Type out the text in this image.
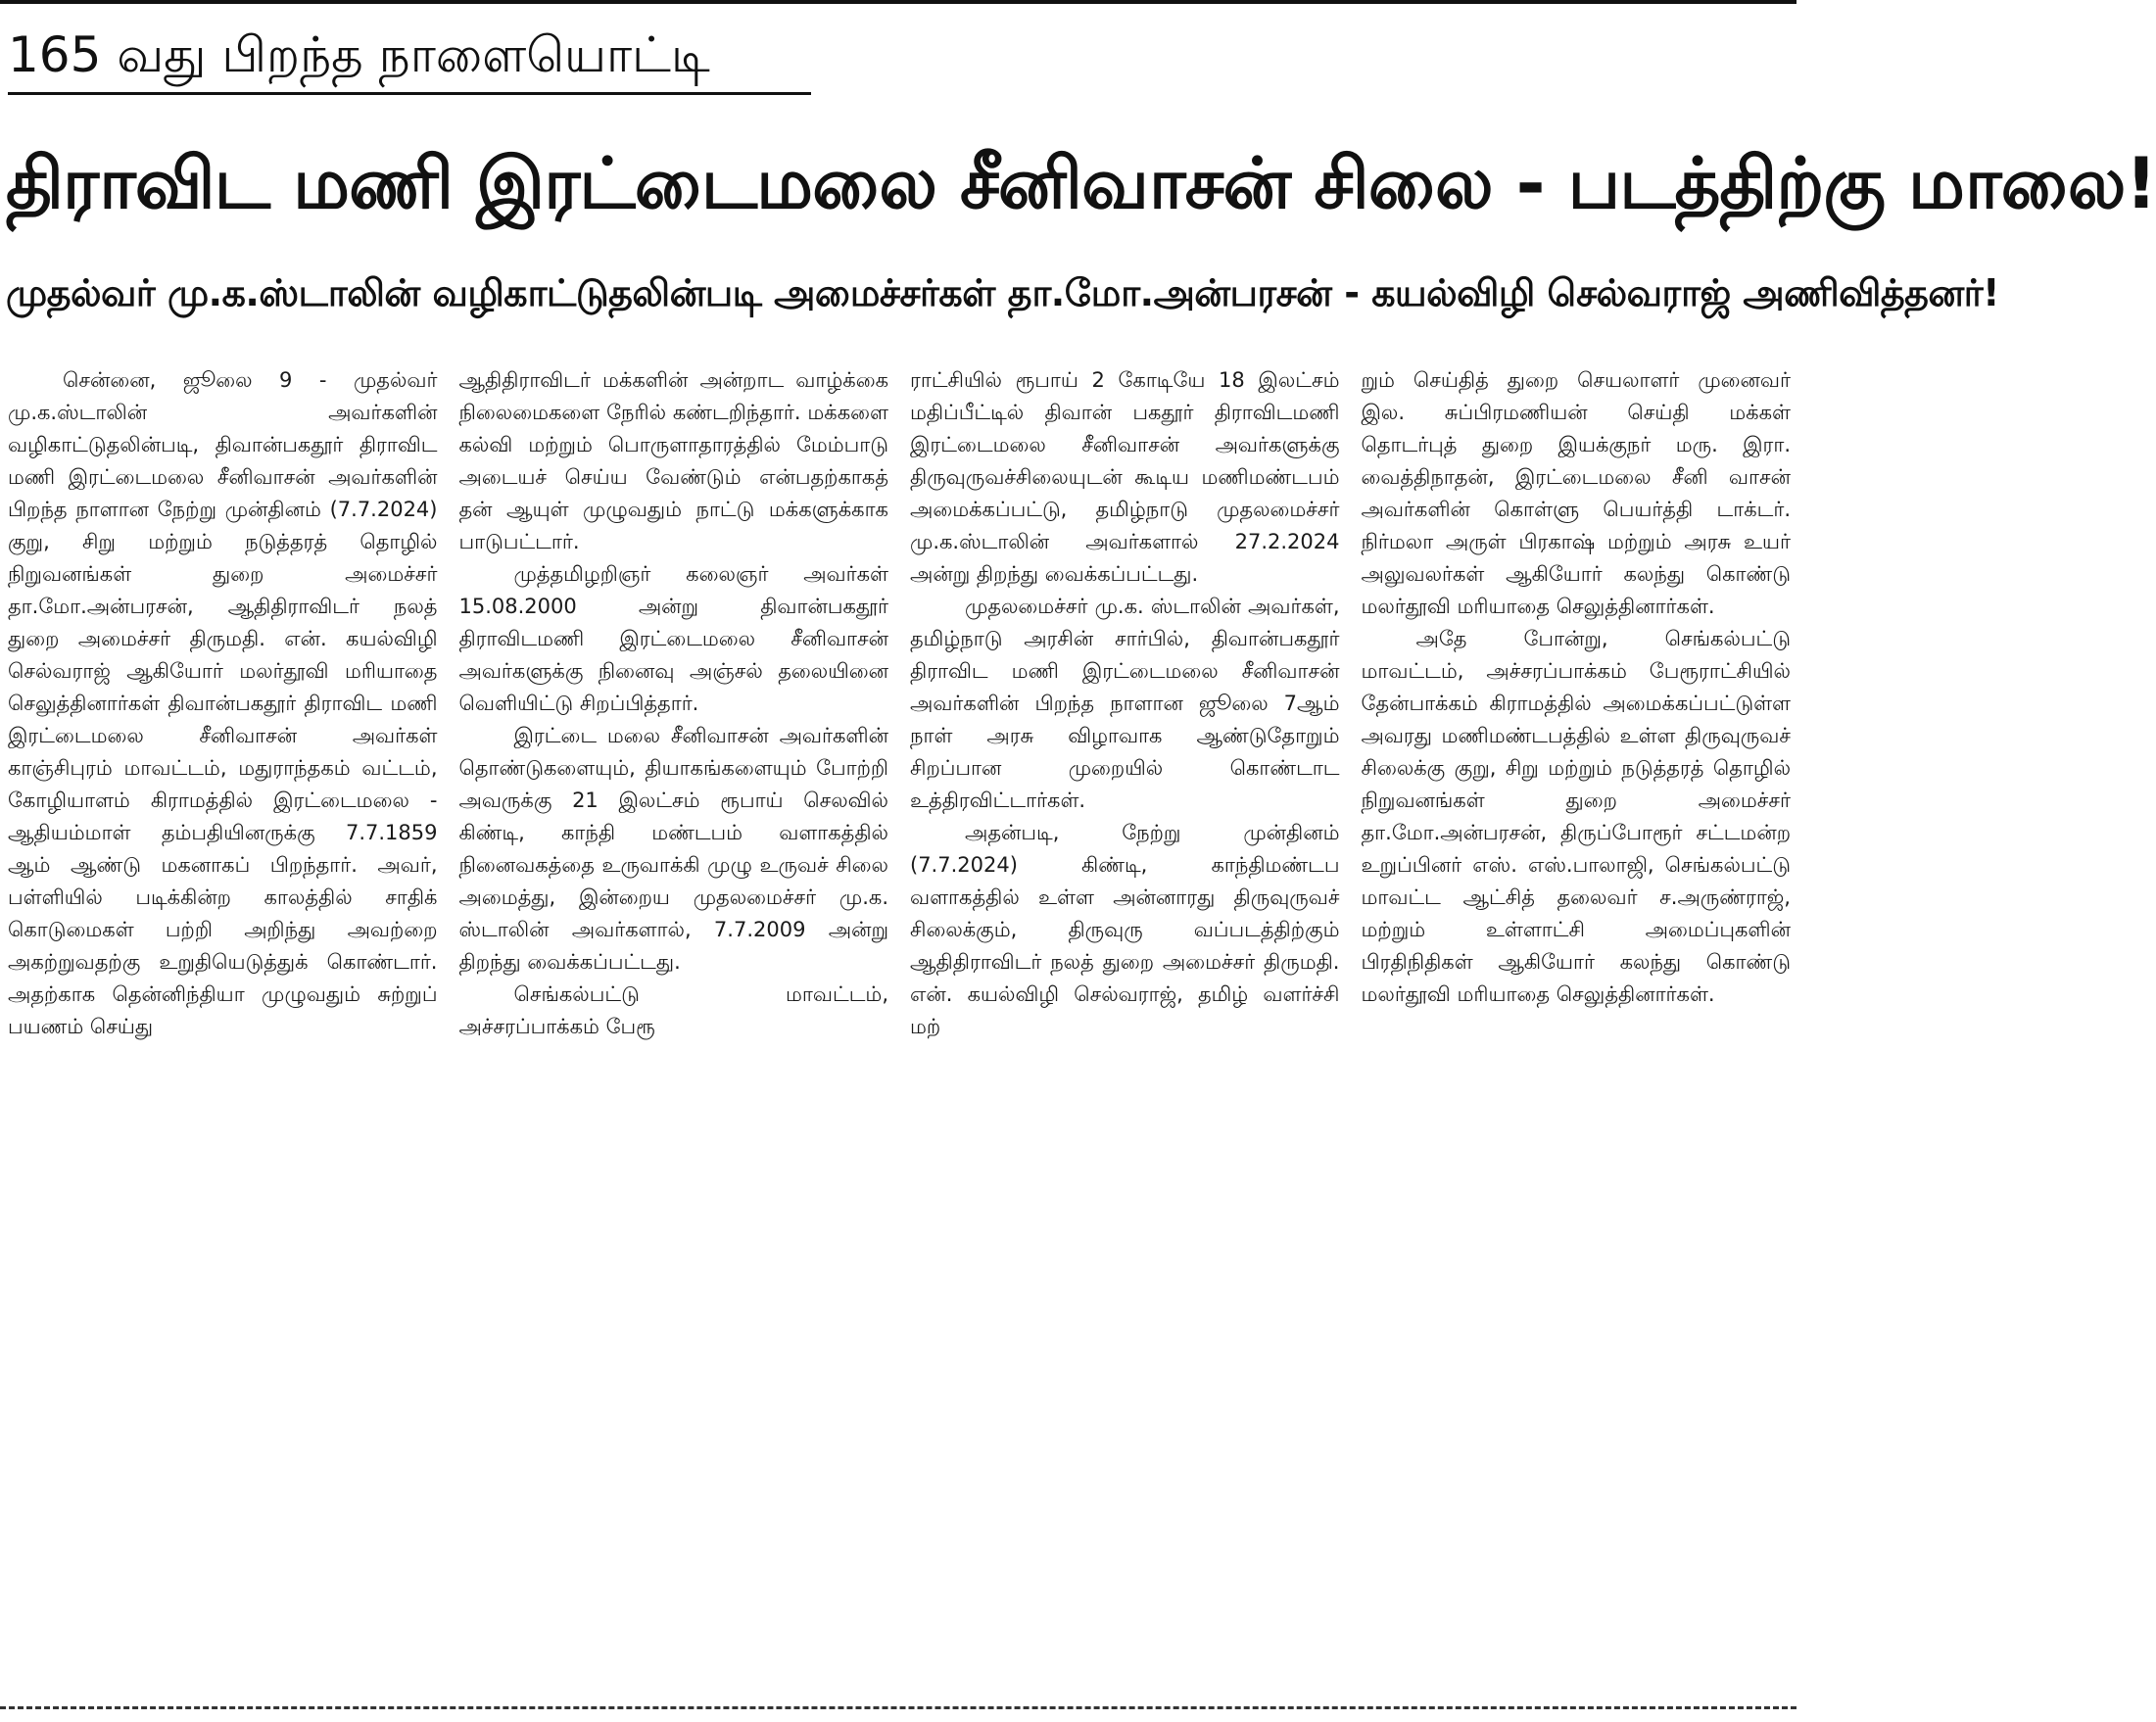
165 வது பிறந்த நாளையொட்டி
திராவிட மணி இரட்டைமலை சீனிவாசன் சிலை - படத்திற்கு மாலை!
முதல்வர் மு.க.ஸ்டாலின் வழிகாட்டுதலின்படி அமைச்சர்கள் தா.மோ.அன்பரசன் - கயல்விழி செல்வராஜ் அணிவித்தனர்!

சென்னை, ஜூலை 9 - முதல்வர் மு.க.ஸ்டாலின் அவர்களின் வழிகாட்டுதலின்படி, திவான்பகதூர் திராவிட மணி இரட்டைமலை சீனிவாசன் அவர்களின் பிறந்த நாளான நேற்று முன்தினம் (7.7.2024) குறு, சிறு மற்றும் நடுத்தரத் தொழில் நிறுவனங்கள் துறை அமைச்சர் தா.மோ.அன்பரசன், ஆதிதிராவிடர் நலத் துறை அமைச்சர் திருமதி. என். கயல்விழி செல்வராஜ் ஆகியோர் மலர்தூவி மரியாதை செலுத்தினார்கள் திவான்பகதூர் திராவிட மணி இரட்டைமலை சீனிவாசன் அவர்கள் காஞ்சிபுரம் மாவட்டம், மதுராந்தகம் வட்டம், கோழியாளம் கிராமத்தில் இரட்டைமலை - ஆதியம்மாள் தம்பதியினருக்கு 7.7.1859 ஆம் ஆண்டு மகனாகப் பிறந்தார். அவர், பள்ளியில் படிக்கின்ற காலத்தில் சாதிக் கொடுமைகள் பற்றி அறிந்து அவற்றை அகற்றுவதற்கு உறுதியெடுத்துக் கொண்டார். அதற்காக தென்னிந்தியா முழுவதும் சுற்றுப் பயணம் செய்து

ஆதிதிராவிடர் மக்களின் அன்றாட வாழ்க்கை நிலைமைகளை நேரில் கண்டறிந்தார். மக்களை கல்வி மற்றும் பொருளாதாரத்தில் மேம்பாடு அடையச் செய்ய வேண்டும் என்பதற்காகத் தன் ஆயுள் முழுவதும் நாட்டு மக்களுக்காக பாடுபட்டார்.

முத்தமிழறிஞர் கலைஞர் அவர்கள் 15.08.2000 அன்று திவான்பகதூர் திராவிடமணி இரட்டைமலை சீனிவாசன் அவர்களுக்கு நினைவு அஞ்சல் தலையினை வெளியிட்டு சிறப்பித்தார்.

இரட்டை மலை சீனிவாசன் அவர்களின் தொண்டுகளையும், தியாகங்களையும் போற்றி அவருக்கு 21 இலட்சம் ரூபாய் செலவில் கிண்டி, காந்தி மண்டபம் வளாகத்தில் நினைவகத்தை உருவாக்கி முழு உருவச் சிலை அமைத்து, இன்றைய முதலமைச்சர் மு.க. ஸ்டாலின் அவர்களால், 7.7.2009 அன்று திறந்து வைக்கப்பட்டது.

செங்கல்பட்டு மாவட்டம், அச்சரப்பாக்கம் பேரூ

ராட்சியில் ரூபாய் 2 கோடியே 18 இலட்சம் மதிப்பீட்டில் திவான் பகதூர் திராவிடமணி இரட்டைமலை சீனிவாசன் அவர்களுக்கு திருவுருவச்சிலையுடன் கூடிய மணிமண்டபம் அமைக்கப்பட்டு, தமிழ்நாடு முதலமைச்சர் மு.க.ஸ்டாலின் அவர்களால் 27.2.2024 அன்று திறந்து வைக்கப்பட்டது.

முதலமைச்சர் மு.க. ஸ்டாலின் அவர்கள், தமிழ்நாடு அரசின் சார்பில், திவான்பகதூர் திராவிட மணி இரட்டைமலை சீனிவாசன் அவர்களின் பிறந்த நாளான ஜூலை 7ஆம் நாள் அரசு விழாவாக ஆண்டுதோறும் சிறப்பான முறையில் கொண்டாட உத்திரவிட்டார்கள்.

அதன்படி, நேற்று முன்தினம் (7.7.2024) கிண்டி, காந்திமண்டப வளாகத்தில் உள்ள அன்னாரது திருவுருவச் சிலைக்கும், திருவுரு வப்படத்திற்கும் ஆதிதிராவிடர் நலத் துறை அமைச்சர் திருமதி. என். கயல்விழி செல்வராஜ், தமிழ் வளர்ச்சி மற்

றும் செய்தித் துறை செயலாளர் முனைவர் இல. சுப்பிரமணியன் செய்தி மக்கள் தொடர்புத் துறை இயக்குநர் மரு. இரா. வைத்திநாதன், இரட்டைமலை சீனி வாசன் அவர்களின் கொள்ளு பெயர்த்தி டாக்டர். நிர்மலா அருள் பிரகாஷ் மற்றும் அரசு உயர் அலுவலர்கள் ஆகியோர் கலந்து கொண்டு மலர்தூவி மரியாதை செலுத்தினார்கள்.

அதே போன்று, செங்கல்பட்டு மாவட்டம், அச்சரப்பாக்கம் பேரூராட்சியில் தேன்பாக்கம் கிராமத்தில் அமைக்கப்பட்டுள்ள அவரது மணிமண்டபத்தில் உள்ள திருவுருவச் சிலைக்கு குறு, சிறு மற்றும் நடுத்தரத் தொழில் நிறுவனங்கள் துறை அமைச்சர் தா.மோ.அன்பரசன், திருப்போரூர் சட்டமன்ற உறுப்பினர் எஸ். எஸ்.பாலாஜி, செங்கல்பட்டு மாவட்ட ஆட்சித் தலைவர் ச.அருண்ராஜ், மற்றும் உள்ளாட்சி அமைப்புகளின் பிரதிநிதிகள் ஆகியோர் கலந்து கொண்டு மலர்தூவி மரியாதை செலுத்தினார்கள்.
